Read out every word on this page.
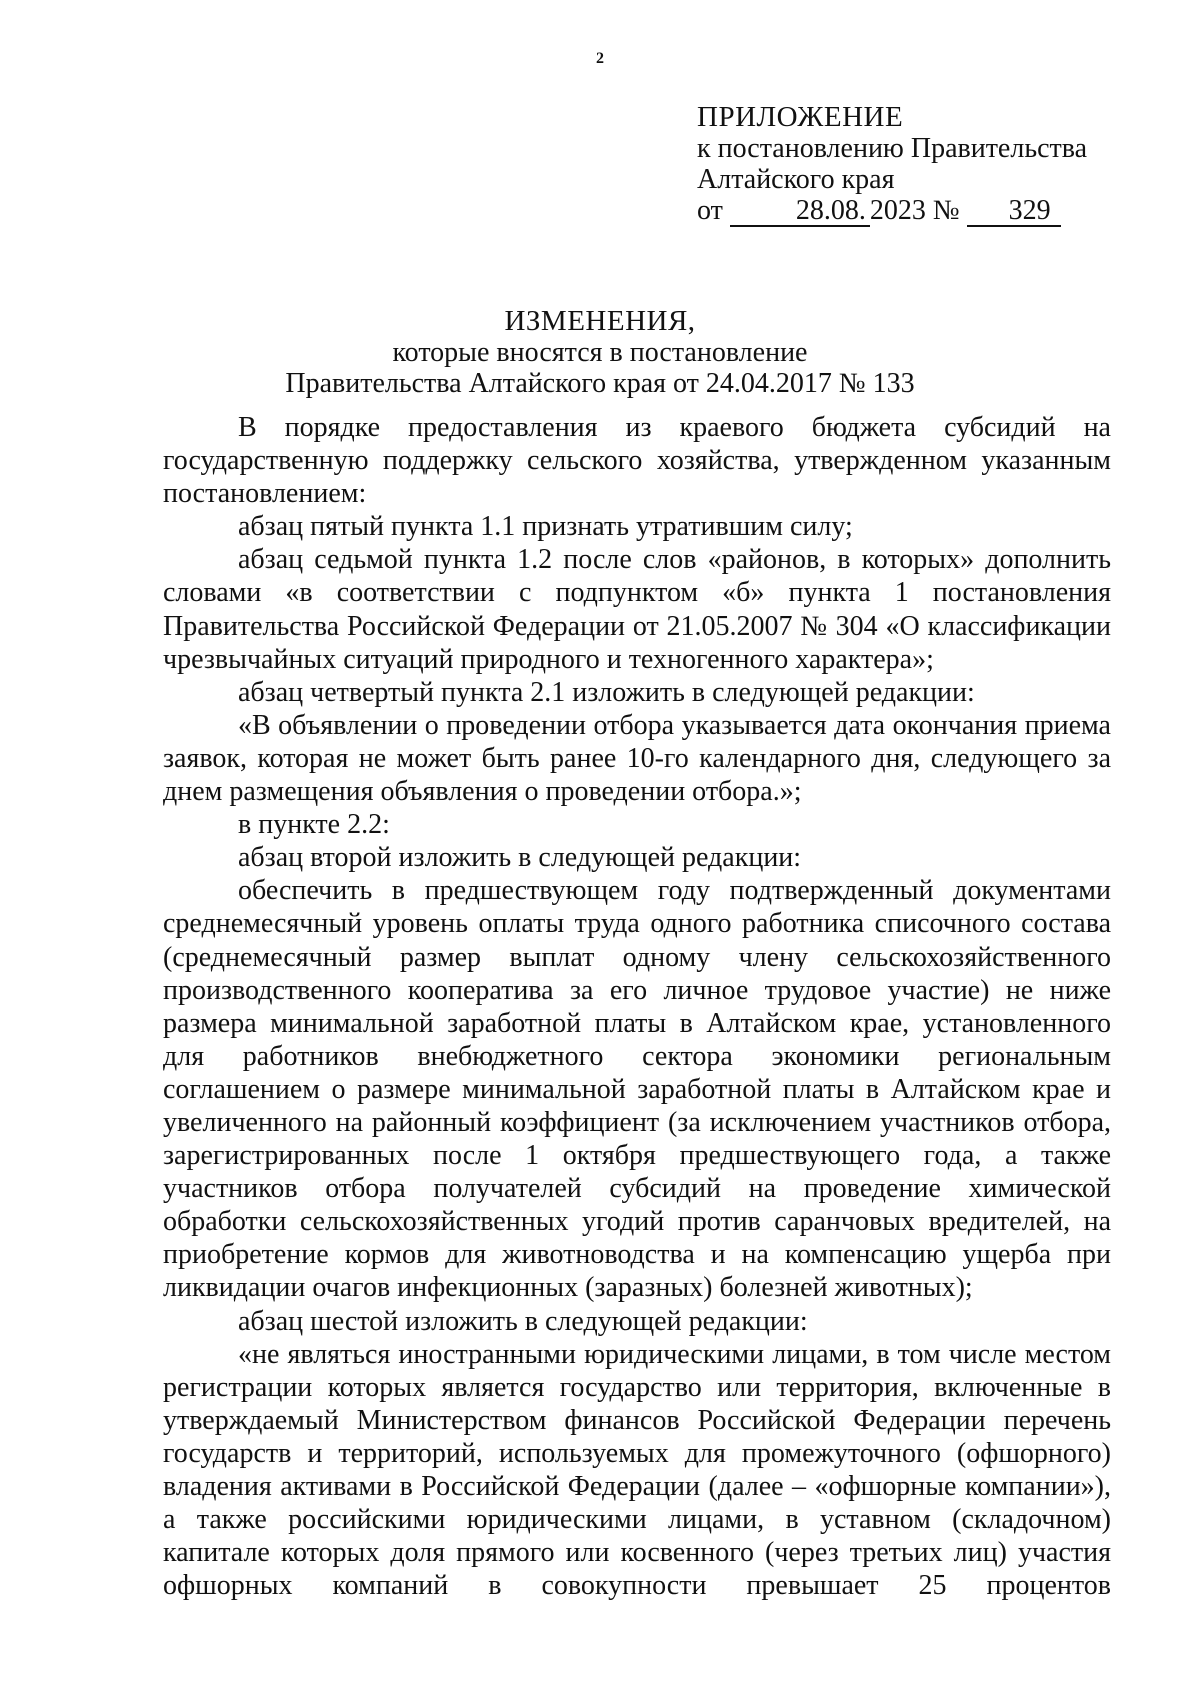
2
ПРИЛОЖЕНИЕ
к постановлению Правительства
Алтайского края
от	28.08. 2023 № 329
ИЗМЕНЕНИЯ,
которые вносятся в постановление
Правительства Алтайского края от 24.04.2017 № 133

В порядке предоставления из краевого бюджета субсидий на государственную поддержку сельского хозяйства, утвержденном указанным постановлением:

абзац пятый пункта 1.1 признать утратившим силу;

абзац седьмой пункта 1.2 после слов «районов, в которых» дополнить словами «в соответствии с подпунктом «б» пункта 1 постановления Правительства Российской Федерации от 21.05.2007 № 304 «О классификации чрезвычайных ситуаций природного и техногенного характера»;

абзац четвертый пункта 2.1 изложить в следующей редакции:

«В объявлении о проведении отбора указывается дата окончания приема заявок, которая не может быть ранее 10-го календарного дня, следующего за днем размещения объявления о проведении отбора.»;

в пункте 2.2:

абзац второй изложить в следующей редакции:

обеспечить в предшествующем году подтвержденный документами среднемесячный уровень оплаты труда одного работника списочного состава (среднемесячный размер выплат одному члену сельскохозяйственного производственного кооператива за его личное трудовое участие) не ниже размера минимальной заработной платы в Алтайском крае, установленного для работников внебюджетного сектора экономики региональным соглашением о размере минимальной заработной платы в Алтайском крае и увеличенного на районный коэффициент (за исключением участников отбора, зарегистрированных после 1 октября предшествующего года, а также участников отбора получателей субсидий на проведение химической обработки сельскохозяйственных угодий против саранчовых вредителей, на приобретение кормов для животноводства и на компенсацию ущерба при ликвидации очагов инфекционных (заразных) болезней животных);

абзац шестой изложить в следующей редакции:

«не являться иностранными юридическими лицами, в том числе местом регистрации которых является государство или территория, включенные в утверждаемый Министерством финансов Российской Федерации перечень государств и территорий, используемых для промежуточного (офшорного) владения активами в Российской Федерации (далее – «офшорные компании»), а также российскими юридическими лицами, в уставном (складочном) капитале которых доля прямого или косвенного (через третьих лиц) участия офшорных компаний в совокупности превышает 25 процентов
